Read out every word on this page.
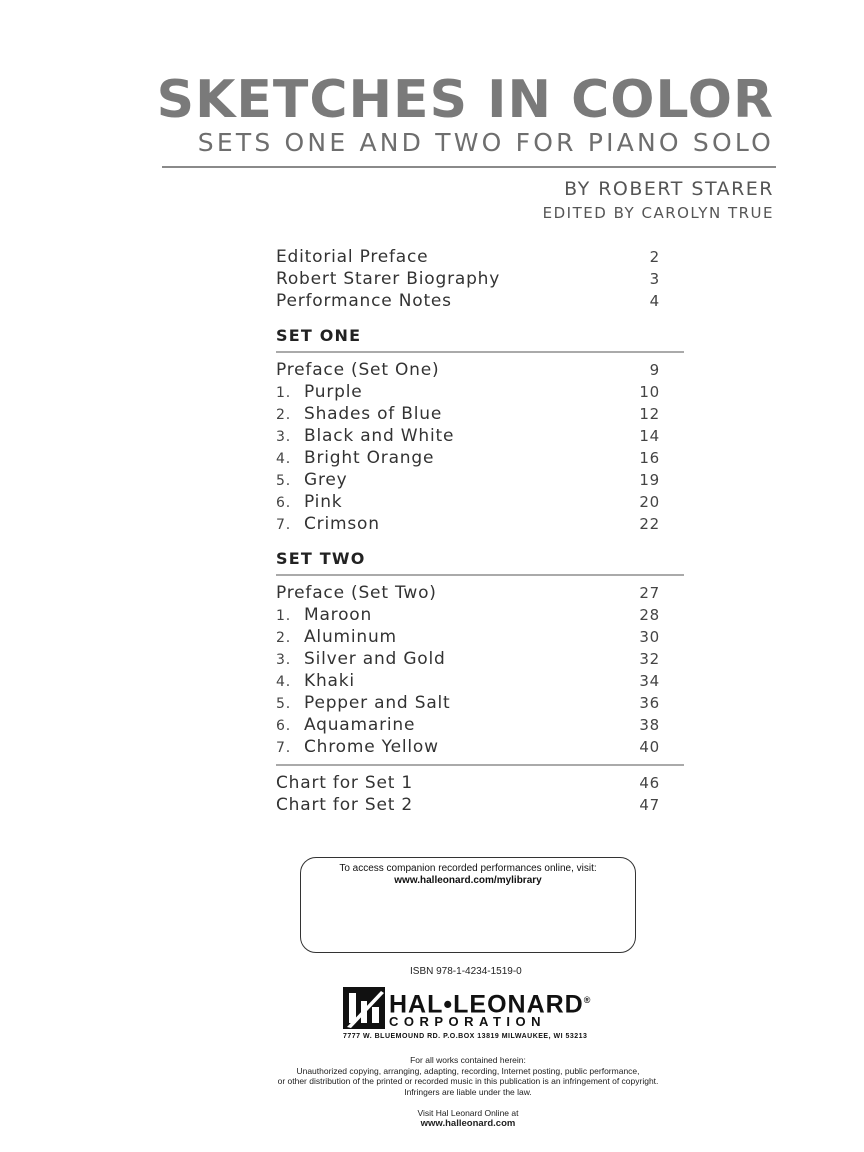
SKETCHES IN COLOR
SETS ONE AND TWO FOR PIANO SOLO
BY ROBERT STARER
EDITED BY CAROLYN TRUE
Editorial Preface	2
Robert Starer Biography	3
Performance Notes	4
SET ONE
Preface (Set One)	9
1. Purple	10
2. Shades of Blue	12
3. Black and White	14
4. Bright Orange	16
5. Grey	19
6. Pink	20
7. Crimson	22
SET TWO
Preface (Set Two)	27
1. Maroon	28
2. Aluminum	30
3. Silver and Gold	32
4. Khaki	34
5. Pepper and Salt	36
6. Aquamarine	38
7. Chrome Yellow	40
Chart for Set 1	46
Chart for Set 2	47
To access companion recorded performances online, visit:
www.halleonard.com/mylibrary
ISBN 978-1-4234-1519-0
HAL•LEONARD®
CORPORATION
7777 W. BLUEMOUND RD. P.O.BOX 13819 MILWAUKEE, WI 53213
For all works contained herein:
Unauthorized copying, arranging, adapting, recording, Internet posting, public performance,
or other distribution of the printed or recorded music in this publication is an infringement of copyright.
Infringers are liable under the law.
Visit Hal Leonard Online at
www.halleonard.com
